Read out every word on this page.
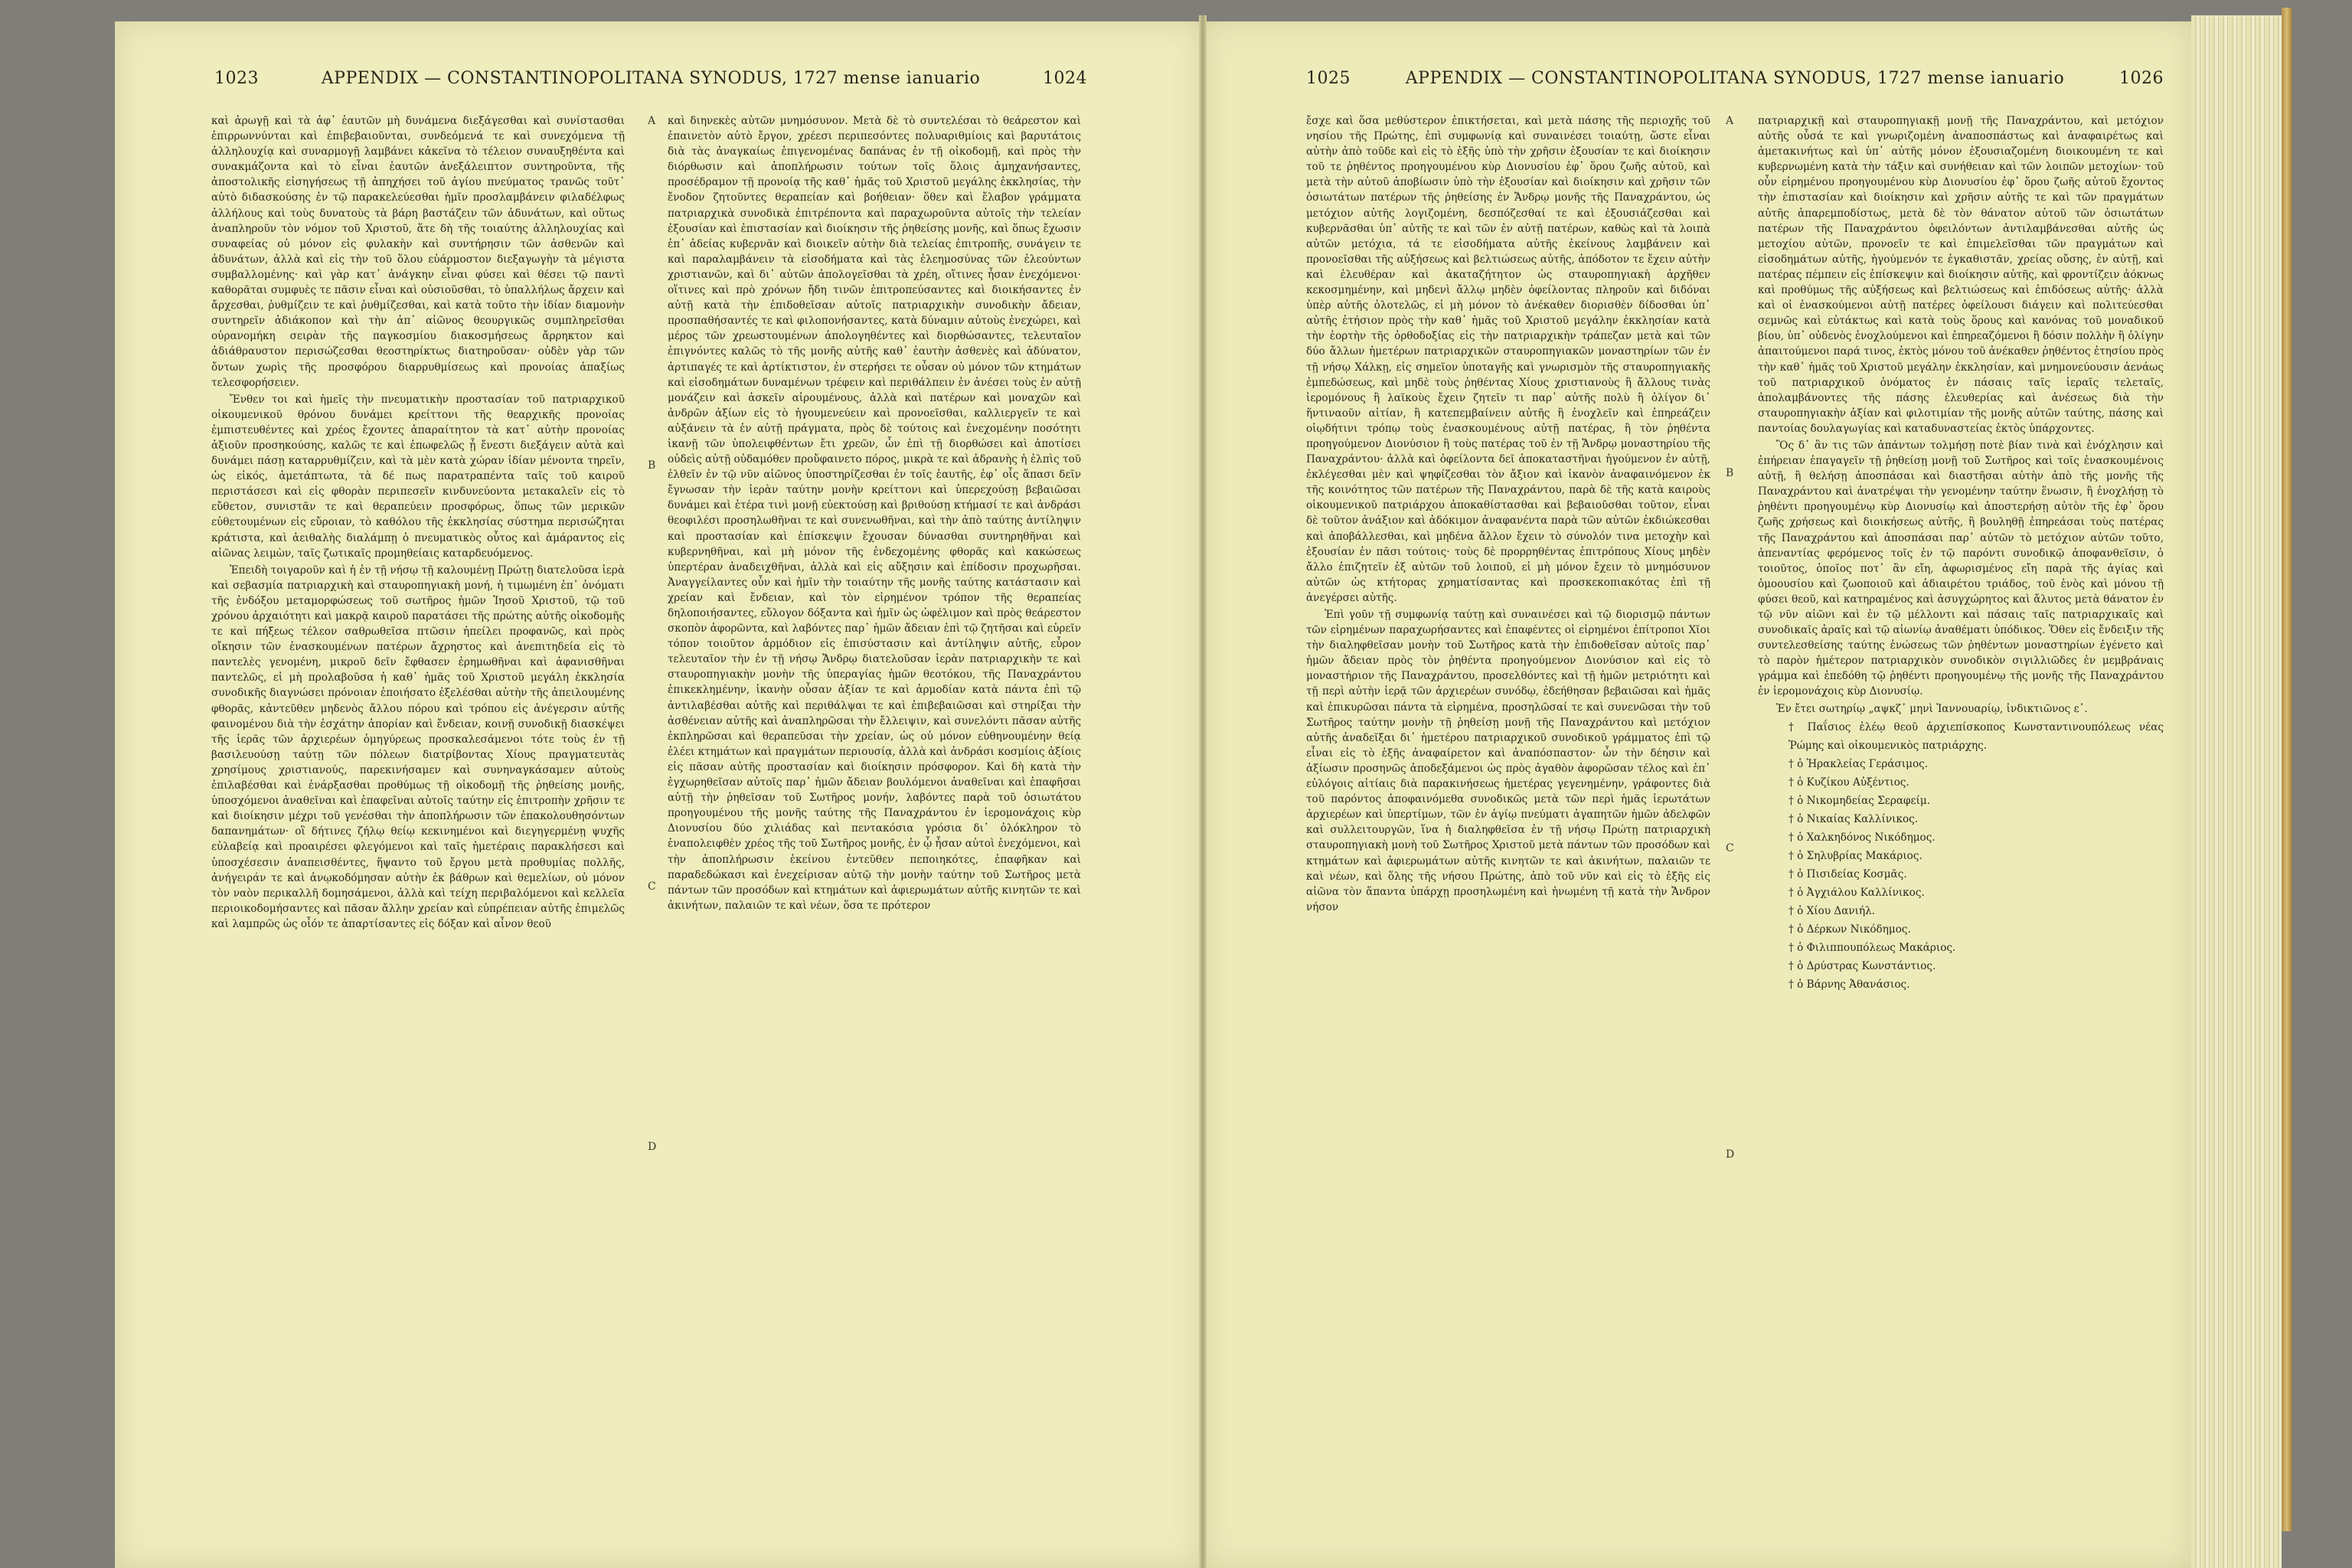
1023	APPENDIX — CONSTANTINOPOLITANA SYNODUS, 1727 mense ianuario	1024	1025	APPENDIX — CONSTANTINOPOLITANA SYNODUS, 1727 mense ianuario	1026

καὶ ἀρωγῇ καὶ τὰ ἀφ᾽ ἑαυτῶν μὴ δυνάμενα διεξάγεσθαι καὶ συνίστασθαι ἐπιρρωννύνται καὶ ἐπιβεβαιοῦνται, συνδεόμενά τε καὶ συνεχόμενα τῇ ἀλληλουχίᾳ καὶ συναρμογῇ λαμβάνει κἀκεῖνα τὸ τέλειον συναυξηθέντα καὶ συνακμάζοντα καὶ τὸ εἶναι ἑαυτῶν ἀνεξάλειπτον συντηροῦντα, τῆς ἀποστολικῆς εἰσηγήσεως τῇ ἀπηχήσει τοῦ ἁγίου πνεύματος τρανῶς τοῦτ᾽ αὐτὸ διδασκούσης ἐν τῷ παρακελεύεσθαι ἡμῖν προσλαμβάνειν φιλαδέλφως ἀλλήλους καὶ τοὺς δυνατοὺς τὰ βάρη βαστάζειν τῶν ἀδυνάτων, καὶ οὕτως ἀναπληροῦν τὸν νόμον τοῦ Χριστοῦ, ἅτε δὴ τῆς τοιαύτης ἀλληλουχίας καὶ συναφείας οὐ μόνον εἰς φυλακὴν καὶ συντήρησιν τῶν ἀσθενῶν καὶ ἀδυνάτων, ἀλλὰ καὶ εἰς τὴν τοῦ ὅλου εὐάρμοστον διεξαγωγὴν τὰ μέγιστα συμβαλλομένης· καὶ γὰρ κατ᾽ ἀνάγκην εἶναι φύσει καὶ θέσει τῷ παντὶ καθορᾶται συμφυὲς τε πᾶσιν εἶναι καὶ οὐσιοῦσθαι, τὸ ὑπαλλήλως ἄρχειν καὶ ἄρχεσθαι, ῥυθμίζειν τε καὶ ῥυθμίζεσθαι, καὶ κατὰ τοῦτο τὴν ἰδίαν διαμονὴν συντηρεῖν ἀδιάκοπον καὶ τὴν ἀπ᾽ αἰῶνος θεουργικῶς συμπληρεῖσθαι οὐρανομήκη σειρὰν τῆς παγκοσμίου διακοσμήσεως ἄρρηκτον καὶ ἀδιάθραυστον περισώζεσθαι θεοστηρίκτως διατηροῦσαν· οὐδὲν γὰρ τῶν ὄντων χωρὶς τῆς προσφόρου διαρρυθμίσεως καὶ προνοίας ἀπαξίως τελεσφορήσειεν.

Ἔνθεν τοι καὶ ἡμεῖς τὴν πνευματικὴν προστασίαν τοῦ πατριαρχικοῦ οἰκουμενικοῦ θρόνου δυνάμει κρείττονι τῆς θεαρχικῆς προνοίας ἐμπιστευθέντες καὶ χρέος ἔχοντες ἀπαραίτητον τὰ κατ᾽ αὐτὴν προνοίας ἀξιοῦν προσηκούσης, καλῶς τε καὶ ἐπωφελῶς ᾗ ἔνεστι διεξάγειν αὐτὰ καὶ δυνάμει πάσῃ καταρρυθμίζειν, καὶ τὰ μὲν κατὰ χώραν ἰδίαν μένοντα τηρεῖν, ὡς εἰκός, ἀμετάπτωτα, τὰ δέ πως παρατραπέντα ταῖς τοῦ καιροῦ περιστάσεσι καὶ εἰς φθορὰν περιπεσεῖν κινδυνεύοντα μετακαλεῖν εἰς τὸ εὔθετον, συνιστᾶν τε καὶ θεραπεύειν προσφόρως, ὅπως τῶν μερικῶν εὐθετουμένων εἰς εὔροιαν, τὸ καθόλου τῆς ἐκκλησίας σύστημα περισώζηται κράτιστα, καὶ ἀειθαλὴς διαλάμπῃ ὁ πνευματικὸς οὗτος καὶ ἀμάραντος εἰς αἰῶνας λειμὼν, ταῖς ζωτικαῖς προμηθείαις καταρδευόμενος.

Ἐπειδὴ τοιγαροῦν καὶ ἡ ἐν τῇ νήσῳ τῇ καλουμένῃ Πρώτῃ διατελοῦσα ἱερὰ καὶ σεβασμία πατριαρχικὴ καὶ σταυροπηγιακὴ μονή, ἡ τιμωμένη ἐπ᾽ ὀνόματι τῆς ἐνδόξου μεταμορφώσεως τοῦ σωτῆρος ἡμῶν Ἰησοῦ Χριστοῦ, τῷ τοῦ χρόνου ἀρχαιότητι καὶ μακρᾷ καιροῦ παρατάσει τῆς πρώτης αὐτῆς οἰκοδομῆς τε καὶ πήξεως τέλεον σαθρωθεῖσα πτῶσιν ἠπείλει προφανῶς, καὶ πρὸς οἴκησιν τῶν ἐνασκουμένων πατέρων ἄχρηστος καὶ ἀνεπιτηδεία εἰς τὸ παντελὲς γενομένη, μικροῦ δεῖν ἔφθασεν ἐρημωθῆναι καὶ ἀφανισθῆναι παντελῶς, εἰ μὴ προλαβοῦσα ἡ καθ᾽ ἡμᾶς τοῦ Χριστοῦ μεγάλη ἐκκλησία συνοδικῆς διαγνώσει πρόνοιαν ἐποιήσατο ἐξελέσθαι αὐτὴν τῆς ἀπειλουμένης φθορᾶς, κἀντεῦθεν μηδενὸς ἄλλου πόρου καὶ τρόπου εἰς ἀνέγερσιν αὐτῆς φαινομένου διὰ τὴν ἐσχάτην ἀπορίαν καὶ ἔνδειαν, κοινῇ συνοδικῇ διασκέψει τῆς ἱερᾶς τῶν ἀρχιερέων ὁμηγύρεως προσκαλεσάμενοι τότε τοὺς ἐν τῇ βασιλευούσῃ ταύτῃ τῶν πόλεων διατρίβοντας Χίους πραγματευτὰς χρησίμους χριστιανούς, παρεκινήσαμεν καὶ συνηναγκάσαμεν αὐτοὺς ἐπιλαβέσθαι καὶ ἐνάρξασθαι προθύμως τῇ οἰκοδομῇ τῆς ῥηθείσης μονῆς, ὑποσχόμενοι ἀναθεῖναι καὶ ἐπαφεῖναι αὐτοῖς ταύτην εἰς ἐπιτροπὴν χρῆσιν τε καὶ διοίκησιν μέχρι τοῦ γενέσθαι τὴν ἀποπλήρωσιν τῶν ἐπακολουθησόντων δαπανημάτων· οἳ δήτινες ζήλῳ θείῳ κεκινημένοι καὶ διεγηγερμένῃ ψυχῆς εὐλαβείᾳ καὶ προαιρέσει φλεγόμενοι καὶ ταῖς ἡμετέραις παρακλήσεσι καὶ ὑποσχέσεσιν ἀναπεισθέντες, ἥψαντο τοῦ ἔργου μετὰ προθυμίας πολλῆς, ἀνήγειράν τε καὶ ἀνῳκοδόμησαν αὐτὴν ἐκ βάθρων καὶ θεμελίων, οὐ μόνον τὸν ναὸν περικαλλῆ δομησάμενοι, ἀλλὰ καὶ τείχη περιβαλόμενοι καὶ κελλεῖα περιοικοδομήσαντες καὶ πᾶσαν ἄλλην χρείαν καὶ εὐπρέπειαν αὐτῆς ἐπιμελῶς καὶ λαμπρῶς ὡς οἷόν τε ἀπαρτίσαντες εἰς δόξαν καὶ αἶνον θεοῦ

καὶ διηνεκὲς αὐτῶν μνημόσυνον. Μετὰ δὲ τὸ συντελέσαι τὸ θεάρεστον καὶ ἐπαινετὸν αὐτὸ ἔργον, χρέεσι περιπεσόντες πολυαριθμίοις καὶ βαρυτάτοις διὰ τὰς ἀναγκαίως ἐπιγενομένας δαπάνας ἐν τῇ οἰκοδομῇ, καὶ πρὸς τὴν διόρθωσιν καὶ ἀποπλήρωσιν τούτων τοῖς ὅλοις ἀμηχανήσαντες, προσέδραμον τῇ προνοίᾳ τῆς καθ᾽ ἡμᾶς τοῦ Χριστοῦ μεγάλης ἐκκλησίας, τὴν ἔνοδον ζητοῦντες θεραπείαν καὶ βοήθειαν· ὅθεν καὶ ἔλαβον γράμματα πατριαρχικὰ συνοδικὰ ἐπιτρέποντα καὶ παραχωροῦντα αὐτοῖς τὴν τελείαν ἐξουσίαν καὶ ἐπιστασίαν καὶ διοίκησιν τῆς ῥηθείσης μονῆς, καὶ ὅπως ἔχωσιν ἐπ᾽ ἀδείας κυβερνᾶν καὶ διοικεῖν αὐτὴν διὰ τελείας ἐπιτροπῆς, συνάγειν τε καὶ παραλαμβάνειν τὰ εἰσοδήματα καὶ τὰς ἐλεημοσύνας τῶν ἐλεούντων χριστιανῶν, καὶ δι᾽ αὐτῶν ἀπολογεῖσθαι τὰ χρέη, οἵτινες ἦσαν ἐνεχόμενοι· οἵτινες καὶ πρὸ χρόνων ἤδη τινῶν ἐπιτροπεύσαντες καὶ διοικήσαντες ἐν αὐτῇ κατὰ τὴν ἐπιδοθεῖσαν αὐτοῖς πατριαρχικὴν συνοδικὴν ἄδειαν, προσπαθήσαντές τε καὶ φιλοπονήσαντες, κατὰ δύναμιν αὐτοὺς ἐνεχώρει, καὶ μέρος τῶν χρεωστουμένων ἀπολογηθέντες καὶ διορθώσαντες, τελευταῖον ἐπιγνόντες καλῶς τὸ τῆς μονῆς αὐτῆς καθ᾽ ἑαυτὴν ἀσθενὲς καὶ ἀδύνατον, ἀρτιπαγές τε καὶ ἀρτίκτιστον, ἐν στερήσει τε οὖσαν οὐ μόνον τῶν κτημάτων καὶ εἰσοδημάτων δυναμένων τρέφειν καὶ περιθάλπειν ἐν ἀνέσει τοὺς ἐν αὐτῇ μονάζειν καὶ ἀσκεῖν αἱρουμένους, ἀλλὰ καὶ πατέρων καὶ μοναχῶν καὶ ἀνδρῶν ἀξίων εἰς τὸ ἡγουμενεύειν καὶ προνοεῖσθαι, καλλιεργεῖν τε καὶ αὐξάνειν τὰ ἐν αὐτῇ πράγματα, πρὸς δὲ τούτοις καὶ ἐνεχομένην ποσότητι ἱκανῇ τῶν ὑπολειφθέντων ἔτι χρεῶν, ὧν ἐπὶ τῇ διορθώσει καὶ ἀποτίσει οὐδεὶς αὐτῇ οὐδαμόθεν προὔφαινετο πόρος, μικρὰ τε καὶ ἀδρανὴς ἡ ἐλπὶς τοῦ ἐλθεῖν ἐν τῷ νῦν αἰῶνος ὑποστηρίζεσθαι ἐν τοῖς ἑαυτῆς, ἐφ᾽ οἷς ἅπασι δεῖν ἔγνωσαν τὴν ἱερὰν ταύτην μονὴν κρείττονι καὶ ὑπερεχούσῃ βεβαιῶσαι δυνάμει καὶ ἑτέρα τινὶ μονῇ εὐεκτούσῃ καὶ βριθούσῃ κτήμασί τε καὶ ἀνδράσι θεοφιλέσι προσηλωθῆναι τε καὶ συνενωθῆναι, καὶ τὴν ἀπὸ ταύτης ἀντίληψιν καὶ προστασίαν καὶ ἐπίσκεψιν ἔχουσαν δύνασθαι συντηρηθῆναι καὶ κυβερνηθῆναι, καὶ μὴ μόνον τῆς ἐνδεχομένης φθορᾶς καὶ κακώσεως ὑπερτέραν ἀναδειχθῆναι, ἀλλὰ καὶ εἰς αὔξησιν καὶ ἐπίδοσιν προχωρῆσαι. Ἀναγγείλαντες οὖν καὶ ἡμῖν τὴν τοιαύτην τῆς μονῆς ταύτης κατάστασιν καὶ χρείαν καὶ ἔνδειαν, καὶ τὸν εἰρημένον τρόπον τῆς θεραπείας δηλοποιήσαντες, εὔλογον δόξαντα καὶ ἡμῖν ὡς ὠφέλιμον καὶ πρὸς θεάρεστον σκοπὸν ἀφορῶντα, καὶ λαβόντες παρ᾽ ἡμῶν ἄδειαν ἐπὶ τῷ ζητῆσαι καὶ εὑρεῖν τόπον τοιοῦτον ἁρμόδιον εἰς ἐπισύστασιν καὶ ἀντίληψιν αὐτῆς, εὗρον τελευταῖον τὴν ἐν τῇ νήσῳ Ἄνδρῳ διατελοῦσαν ἱερὰν πατριαρχικὴν τε καὶ σταυροπηγιακὴν μονὴν τῆς ὑπεραγίας ἡμῶν θεοτόκου, τῆς Παναχράντου ἐπικεκλημένην, ἱκανὴν οὖσαν ἀξίαν τε καὶ ἀρμοδίαν κατὰ πάντα ἐπὶ τῷ ἀντιλαβέσθαι αὐτῆς καὶ περιθάλψαι τε καὶ ἐπιβεβαιῶσαι καὶ στηρίξαι τὴν ἀσθένειαν αὐτῆς καὶ ἀναπληρῶσαι τὴν ἔλλειψιν, καὶ συνελόντι πᾶσαν αὐτῆς ἐκπληρῶσαι καὶ θεραπεῦσαι τὴν χρείαν, ὡς οὐ μόνον εὐθηνουμένην θείᾳ ἐλέει κτημάτων καὶ πραγμάτων περιουσίᾳ, ἀλλὰ καὶ ἀνδράσι κοσμίοις ἀξίοις εἰς πᾶσαν αὐτῆς προστασίαν καὶ διοίκησιν πρόσφορον. Καὶ δὴ κατὰ τὴν ἐγχωρηθεῖσαν αὐτοῖς παρ᾽ ἡμῶν ἄδειαν βουλόμενοι ἀναθεῖναι καὶ ἐπαφῆσαι αὐτῇ τὴν ῥηθεῖσαν τοῦ Σωτῆρος μονήν, λαβόντες παρὰ τοῦ ὁσιωτάτου προηγουμένου τῆς μονῆς ταύτης τῆς Παναχράντου ἐν ἱερομονάχοις κὺρ Διονυσίου δύο χιλιάδας καὶ πεντακόσια γρόσια δι᾽ ὁλόκληρον τὸ ἐναπολειφθὲν χρέος τῆς τοῦ Σωτῆρος μονῆς, ἐν ᾧ ἦσαν αὐτοὶ ἐνεχόμενοι, καὶ τὴν ἀποπλήρωσιν ἐκείνου ἐντεῦθεν πεποιηκότες, ἐπαφῆκαν καὶ παραδεδώκασι καὶ ἐνεχείρισαν αὐτῷ τὴν μονὴν ταύτην τοῦ Σωτῆρος μετὰ πάντων τῶν προσόδων καὶ κτημάτων καὶ ἀφιερωμάτων αὐτῆς κινητῶν τε καὶ ἀκινήτων, παλαιῶν τε καὶ νέων, ὅσα τε πρότερον

A
B
C
D

ἔσχε καὶ ὅσα μεθύστερον ἐπικτήσεται, καὶ μετὰ πάσης τῆς περιοχῆς τοῦ νησίου τῆς Πρώτης, ἐπὶ συμφωνίᾳ καὶ συναινέσει τοιαύτῃ, ὥστε εἶναι αὐτὴν ἀπὸ τοῦδε καὶ εἰς τὸ ἑξῆς ὑπὸ τὴν χρῆσιν ἐξουσίαν τε καὶ διοίκησιν τοῦ τε ῥηθέντος προηγουμένου κὺρ Διονυσίου ἐφ᾽ ὅρου ζωῆς αὐτοῦ, καὶ μετὰ τὴν αὐτοῦ ἀποβίωσιν ὑπὸ τὴν ἐξουσίαν καὶ διοίκησιν καὶ χρῆσιν τῶν ὁσιωτάτων πατέρων τῆς ῥηθείσης ἐν Ἄνδρῳ μονῆς τῆς Παναχράντου, ὡς μετόχιον αὐτῆς λογιζομένη, δεσπόζεσθαί τε καὶ ἐξουσιάζεσθαι καὶ κυβερνᾶσθαι ὑπ᾽ αὐτῆς τε καὶ τῶν ἐν αὐτῇ πατέρων, καθὼς καὶ τὰ λοιπὰ αὐτῶν μετόχια, τά τε εἰσοδήματα αὐτῆς ἐκείνους λαμβάνειν καὶ προνοεῖσθαι τῆς αὐξήσεως καὶ βελτιώσεως αὐτῆς, ἀπόδοτον τε ἔχειν αὐτὴν καὶ ἐλευθέραν καὶ ἀκαταζήτητον ὡς σταυροπηγιακὴ ἀρχῆθεν κεκοσμημένην, καὶ μηδενὶ ἄλλῳ μηδὲν ὀφείλοντας πληροῦν καὶ διδόναι ὑπὲρ αὐτῆς ὁλοτελῶς, εἰ μὴ μόνον τὸ ἀνέκαθεν διορισθὲν δίδοσθαι ὑπ᾽ αὐτῆς ἐτήσιον πρὸς τὴν καθ᾽ ἡμᾶς τοῦ Χριστοῦ μεγάλην ἐκκλησίαν κατὰ τὴν ἑορτὴν τῆς ὀρθοδοξίας εἰς τὴν πατριαρχικὴν τράπεζαν μετὰ καὶ τῶν δύο ἄλλων ἡμετέρων πατριαρχικῶν σταυροπηγιακῶν μοναστηρίων τῶν ἐν τῇ νήσῳ Χάλκῃ, εἰς σημεῖον ὑποταγῆς καὶ γνωρισμὸν τῆς σταυροπηγιακῆς ἐμπεδώσεως, καὶ μηδὲ τοὺς ῥηθέντας Χίους χριστιανοὺς ἢ ἄλλους τινὰς ἱερομόνους ἢ λαϊκοὺς ἔχειν ζητεῖν τι παρ᾽ αὐτῆς πολὺ ἢ ὀλίγον δι᾽ ἥντιναοῦν αἰτίαν, ἢ κατεπεμβαίνειν αὐτῆς ἢ ἐνοχλεῖν καὶ ἐπηρεάζειν οἱῳδήτινι τρόπῳ τοὺς ἐνασκουμένους αὐτῇ πατέρας, ἢ τὸν ῥηθέντα προηγούμενον Διονύσιον ἢ τοὺς πατέρας τοῦ ἐν τῇ Ἄνδρῳ μοναστηρίου τῆς Παναχράντου· ἀλλὰ καὶ ὀφείλοντα δεῖ ἀποκαταστῆναι ἡγούμενον ἐν αὐτῇ, ἐκλέγεσθαι μὲν καὶ ψηφίζεσθαι τὸν ἄξιον καὶ ἱκανὸν ἀναφαινόμενον ἐκ τῆς κοινότητος τῶν πατέρων τῆς Παναχράντου, παρὰ δὲ τῆς κατὰ καιροὺς οἰκουμενικοῦ πατριάρχου ἀποκαθίστασθαι καὶ βεβαιοῦσθαι τοῦτον, εἶναι δὲ τοῦτον ἀνάξιον καὶ ἀδόκιμον ἀναφανέντα παρὰ τῶν αὐτῶν ἐκδιώκεσθαι καὶ ἀποβάλλεσθαι, καὶ μηδένα ἄλλον ἔχειν τὸ σύνολόν τινα μετοχὴν καὶ ἐξουσίαν ἐν πᾶσι τούτοις· τοὺς δὲ προρρηθέντας ἐπιτρόπους Χίους μηδὲν ἄλλο ἐπιζητεῖν ἐξ αὐτῶν τοῦ λοιποῦ, εἰ μὴ μόνον ἔχειν τὸ μνημόσυνον αὐτῶν ὡς κτήτορας χρηματίσαντας καὶ προσκεκοπιακότας ἐπὶ τῇ ἀνεγέρσει αὐτῆς.

Ἐπὶ γοῦν τῇ συμφωνίᾳ ταύτῃ καὶ συναινέσει καὶ τῷ διορισμῷ πάντων τῶν εἰρημένων παραχωρήσαντες καὶ ἐπαφέντες οἱ εἰρημένοι ἐπίτροποι Χῖοι τὴν διαληφθεῖσαν μονὴν τοῦ Σωτῆρος κατὰ τὴν ἐπιδοθεῖσαν αὐτοῖς παρ᾽ ἡμῶν ἄδειαν πρὸς τὸν ῥηθέντα προηγούμενον Διονύσιον καὶ εἰς τὸ μοναστήριον τῆς Παναχράντου, προσελθόντες καὶ τῇ ἡμῶν μετριότητι καὶ τῇ περὶ αὐτὴν ἱερᾷ τῶν ἀρχιερέων συνόδῳ, ἐδεήθησαν βεβαιῶσαι καὶ ἡμᾶς καὶ ἐπικυρῶσαι πάντα τὰ εἰρημένα, προσηλῶσαί τε καὶ συνενῶσαι τὴν τοῦ Σωτῆρος ταύτην μονὴν τῇ ῥηθείσῃ μονῇ τῆς Παναχράντου καὶ μετόχιον αὐτῆς ἀναδεῖξαι δι᾽ ἡμετέρου πατριαρχικοῦ συνοδικοῦ γράμματος ἐπὶ τῷ εἶναι εἰς τὸ ἑξῆς ἀναφαίρετον καὶ ἀναπόσπαστον· ὧν τὴν δέησιν καὶ ἀξίωσιν προσηνῶς ἀποδεξάμενοι ὡς πρὸς ἀγαθὸν ἀφορῶσαν τέλος καὶ ἐπ᾽ εὐλόγοις αἰτίαις διὰ παρακινήσεως ἡμετέρας γεγενημένην, γράφοντες διὰ τοῦ παρόντος ἀποφαινόμεθα συνοδικῶς μετὰ τῶν περὶ ἡμᾶς ἱερωτάτων ἀρχιερέων καὶ ὑπερτίμων, τῶν ἐν ἁγίῳ πνεύματι ἀγαπητῶν ἡμῶν ἀδελφῶν καὶ συλλειτουργῶν, ἵνα ἡ διαληφθεῖσα ἐν τῇ νήσῳ Πρώτῃ πατριαρχικὴ σταυροπηγιακὴ μονὴ τοῦ Σωτῆρος Χριστοῦ μετὰ πάντων τῶν προσόδων καὶ κτημάτων καὶ ἀφιερωμάτων αὐτῆς κινητῶν τε καὶ ἀκινήτων, παλαιῶν τε καὶ νέων, καὶ ὅλης τῆς νήσου Πρώτης, ἀπὸ τοῦ νῦν καὶ εἰς τὸ ἑξῆς εἰς αἰῶνα τὸν ἅπαντα ὑπάρχῃ προσηλωμένη καὶ ἡνωμένη τῇ κατὰ τὴν Ἄνδρον νήσον

πατριαρχικῇ καὶ σταυροπηγιακῇ μονῇ τῆς Παναχράντου, καὶ μετόχιον αὐτῆς οὖσά τε καὶ γνωριζομένη ἀναποσπάστως καὶ ἀναφαιρέτως καὶ ἀμετακινήτως καὶ ὑπ᾽ αὐτῆς μόνον ἐξουσιαζομένη διοικουμένη τε καὶ κυβερνωμένη κατὰ τὴν τάξιν καὶ συνήθειαν καὶ τῶν λοιπῶν μετοχίων· τοῦ οὖν εἰρημένου προηγουμένου κὺρ Διονυσίου ἐφ᾽ ὅρου ζωῆς αὐτοῦ ἔχοντος τὴν ἐπιστασίαν καὶ διοίκησιν καὶ χρῆσιν αὐτῆς τε καὶ τῶν πραγμάτων αὐτῆς ἀπαρεμποδίστως, μετὰ δὲ τὸν θάνατον αὐτοῦ τῶν ὁσιωτάτων πατέρων τῆς Παναχράντου ὀφειλόντων ἀντιλαμβάνεσθαι αὐτῆς ὡς μετοχίου αὐτῶν, προνοεῖν τε καὶ ἐπιμελεῖσθαι τῶν πραγμάτων καὶ εἰσοδημάτων αὐτῆς, ἡγούμενόν τε ἐγκαθιστᾶν, χρείας οὔσης, ἐν αὐτῇ, καὶ πατέρας πέμπειν εἰς ἐπίσκεψιν καὶ διοίκησιν αὐτῆς, καὶ φροντίζειν ἀόκνως καὶ προθύμως τῆς αὐξήσεως καὶ βελτιώσεως καὶ ἐπιδόσεως αὐτῆς· ἀλλὰ καὶ οἱ ἐνασκούμενοι αὐτῇ πατέρες ὀφείλουσι διάγειν καὶ πολιτεύεσθαι σεμνῶς καὶ εὐτάκτως καὶ κατὰ τοὺς ὅρους καὶ κανόνας τοῦ μοναδικοῦ βίου, ὑπ᾽ οὐδενὸς ἐνοχλούμενοι καὶ ἐπηρεαζόμενοι ἢ δόσιν πολλὴν ἢ ὀλίγην ἀπαιτούμενοι παρά τινος, ἐκτὸς μόνου τοῦ ἀνέκαθεν ῥηθέντος ἐτησίου πρὸς τὴν καθ᾽ ἡμᾶς τοῦ Χριστοῦ μεγάλην ἐκκλησίαν, καὶ μνημονεύουσιν ἀενάως τοῦ πατριαρχικοῦ ὀνόματος ἐν πάσαις ταῖς ἱεραῖς τελεταῖς, ἀπολαμβάνοντες τῆς πάσης ἐλευθερίας καὶ ἀνέσεως διὰ τὴν σταυροπηγιακὴν ἀξίαν καὶ φιλοτιμίαν τῆς μονῆς αὐτῶν ταύτης, πάσης καὶ παντοίας δουλαγωγίας καὶ καταδυναστείας ἐκτὸς ὑπάρχοντες.

Ὃς δ᾽ ἂν τις τῶν ἁπάντων τολμήσῃ ποτὲ βίαν τινὰ καὶ ἐνόχλησιν καὶ ἐπήρειαν ἐπαγαγεῖν τῇ ῥηθείσῃ μονῇ τοῦ Σωτῆρος καὶ τοῖς ἐνασκουμένοις αὐτῇ, ἢ θελήσῃ ἀποσπάσαι καὶ διαστῆσαι αὐτὴν ἀπὸ τῆς μονῆς τῆς Παναχράντου καὶ ἀνατρέψαι τὴν γενομένην ταύτην ἕνωσιν, ἢ ἐνοχλήσῃ τὸ ῥηθέντι προηγουμένῳ κὺρ Διονυσίῳ καὶ ἀποστερήσῃ αὐτὸν τῆς ἐφ᾽ ὅρου ζωῆς χρήσεως καὶ διοικήσεως αὐτῆς, ἢ βουληθῇ ἐπηρεάσαι τοὺς πατέρας τῆς Παναχράντου καὶ ἀποσπάσαι παρ᾽ αὐτῶν τὸ μετόχιον αὐτῶν τοῦτο, ἀπεναντίας φερόμενος τοῖς ἐν τῷ παρόντι συνοδικῷ ἀποφανθεῖσιν, ὁ τοιοῦτος, ὁποῖος ποτ᾽ ἂν εἴη, ἀφωρισμένος εἴη παρὰ τῆς ἁγίας καὶ ὁμοουσίου καὶ ζωοποιοῦ καὶ ἀδιαιρέτου τριάδος, τοῦ ἑνὸς καὶ μόνου τῇ φύσει θεοῦ, καὶ κατηραμένος καὶ ἀσυγχώρητος καὶ ἄλυτος μετὰ θάνατον ἐν τῷ νῦν αἰῶνι καὶ ἐν τῷ μέλλοντι καὶ πάσαις ταῖς πατριαρχικαῖς καὶ συνοδικαῖς ἀραῖς καὶ τῷ αἰωνίῳ ἀναθέματι ὑπόδικος. Ὅθεν εἰς ἔνδειξιν τῆς συντελεσθείσης ταύτης ἑνώσεως τῶν ῥηθέντων μοναστηρίων ἐγένετο καὶ τὸ παρὸν ἡμέτερον πατριαρχικὸν συνοδικὸν σιγιλλιῶδες ἐν μεμβράναις γράμμα καὶ ἐπεδόθη τῷ ῥηθέντι προηγουμένῳ τῆς μονῆς τῆς Παναχράντου ἐν ἱερομονάχοις κὺρ Διονυσίῳ.

Ἐν ἔτει σωτηρίῳ „αψκζ᾽ μηνὶ Ἰαννουαρίῳ, ἰνδικτιῶνος ε᾽.

† Παΐσιος ἐλέῳ θεοῦ ἀρχιεπίσκοπος Κωνσταντινουπόλεως νέας Ῥώμης καὶ οἰκουμενικὸς πατριάρχης.
† ὁ Ἡρακλείας Γεράσιμος.
† ὁ Κυζίκου Αὐξέντιος.
† ὁ Νικομηδείας Σεραφείμ.
† ὁ Νικαίας Καλλίνικος.
† ὁ Χαλκηδόνος Νικόδημος.
† ὁ Σηλυβρίας Μακάριος.
† ὁ Πισιδείας Κοσμᾶς.
† ὁ Ἀγχιάλου Καλλίνικος.
† ὁ Χίου Δανιήλ.
† ὁ Δέρκων Νικόδημος.
† ὁ Φιλιππουπόλεως Μακάριος.
† ὁ Δρύστρας Κωνστάντιος.
† ὁ Βάρνης Ἀθανάσιος.
A
B
C
D
